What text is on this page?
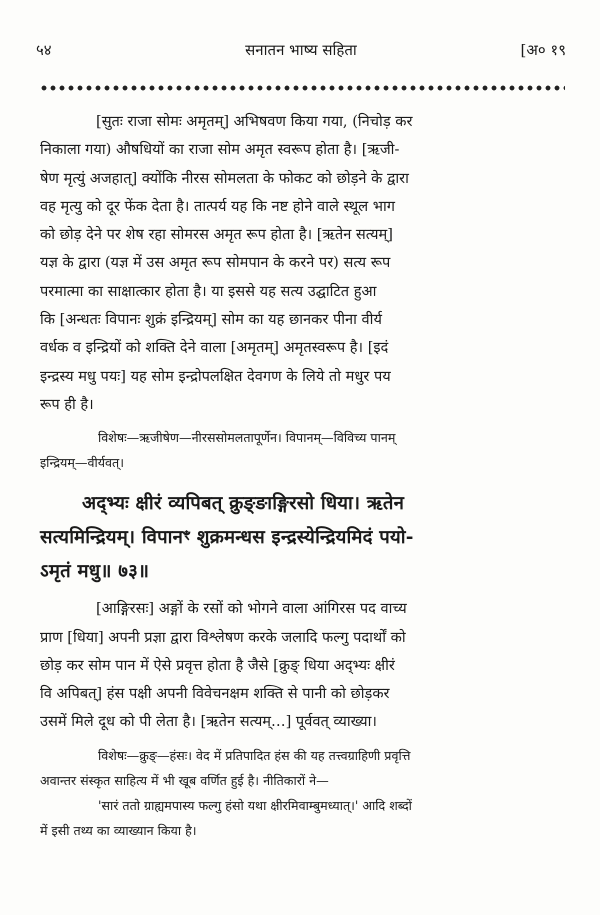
५४	सनातन भाष्य सहिता	[अ० १९
[सुतः राजा सोमः अमृतम्] अभिषवण किया गया, (निचोड़ कर
निकाला गया) औषधियों का राजा सोम अमृत स्वरूप होता है। [ऋजी-
षेण मृत्युं अजहात्] क्योंकि नीरस सोमलता के फोकट को छोड़ने के द्वारा
वह मृत्यु को दूर फेंक देता है। तात्पर्य यह कि नष्ट होने वाले स्थूल भाग
को छोड़ देने पर शेष रहा सोमरस अमृत रूप होता है। [ऋतेन सत्यम्]
यज्ञ के द्वारा (यज्ञ में उस अमृत रूप सोमपान के करने पर) सत्य रूप
परमात्मा का साक्षात्कार होता है। या इससे यह सत्य उद्घाटित हुआ
कि [अन्धतः विपानः शुक्रं इन्द्रियम्] सोम का यह छानकर पीना वीर्य
वर्धक व इन्द्रियों को शक्ति देने वाला [अमृतम्] अमृतस्वरूप है। [इदं
इन्द्रस्य मधु पयः] यह सोम इन्द्रोपलक्षित देवगण के लिये तो मधुर पय
रूप ही है।
विशेषः—ऋजीषेण—नीरससोमलतापूर्णेन। विपानम्—विविच्य पानम्
इन्द्रियम्—वीर्यवत्।
अद्भ्यः क्षीरं व्यपिबत् क्रुङ्ङाङ्गिरसो धिया। ऋतेन
सत्यमिन्द्रियम्। विपानꣳ शुक्रमन्धस इन्द्रस्येन्द्रियमिदं पयो-
ऽमृतं मधु॥ ७३॥
[आङ्गिरसः] अङ्गों के रसों को भोगने वाला आंगिरस पद वाच्य
प्राण [धिया] अपनी प्रज्ञा द्वारा विश्लेषण करके जलादि फल्गु पदार्थों को
छोड़ कर सोम पान में ऐसे प्रवृत्त होता है जैसे [क्रुङ् धिया अद्भ्यः क्षीरं
वि अपिबत्] हंस पक्षी अपनी विवेचनक्षम शक्ति से पानी को छोड़कर
उसमें मिले दूध को पी लेता है। [ऋतेन सत्यम्…] पूर्ववत् व्याख्या।
विशेषः—क्रुङ्—हंसः। वेद में प्रतिपादित हंस की यह तत्त्वग्राहिणी प्रवृत्ति
अवान्तर संस्कृत साहित्य में भी खूब वर्णित हुई है। नीतिकारों ने—
'सारं ततो ग्राह्यमपास्य फल्गु हंसो यथा क्षीरमिवाम्बुमध्यात्।' आदि शब्दों
में इसी तथ्य का व्याख्यान किया है।
